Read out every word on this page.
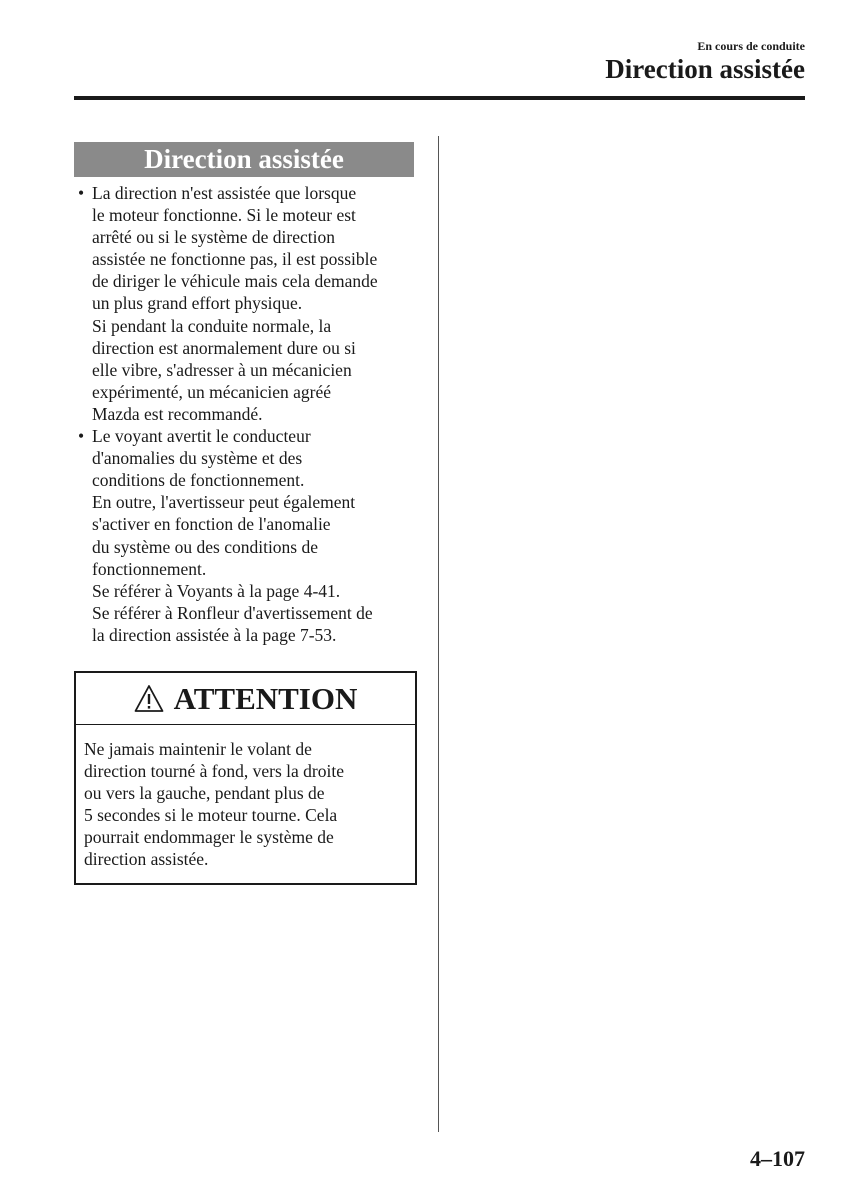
En cours de conduite
Direction assistée
Direction assistée
• La direction n'est assistée que lorsque
le moteur fonctionne. Si le moteur est
arrêté ou si le système de direction
assistée ne fonctionne pas, il est possible
de diriger le véhicule mais cela demande
un plus grand effort physique.
Si pendant la conduite normale, la
direction est anormalement dure ou si
elle vibre, s'adresser à un mécanicien
expérimenté, un mécanicien agréé
Mazda est recommandé.
• Le voyant avertit le conducteur
d'anomalies du système et des
conditions de fonctionnement.
En outre, l'avertisseur peut également
s'activer en fonction de l'anomalie
du système ou des conditions de
fonctionnement.
Se référer à Voyants à la page 4-41.
Se référer à Ronfleur d'avertissement de
la direction assistée à la page 7-53.
ATTENTION
Ne jamais maintenir le volant de
direction tourné à fond, vers la droite
ou vers la gauche, pendant plus de
5 secondes si le moteur tourne. Cela
pourrait endommager le système de
direction assistée.
4–107
